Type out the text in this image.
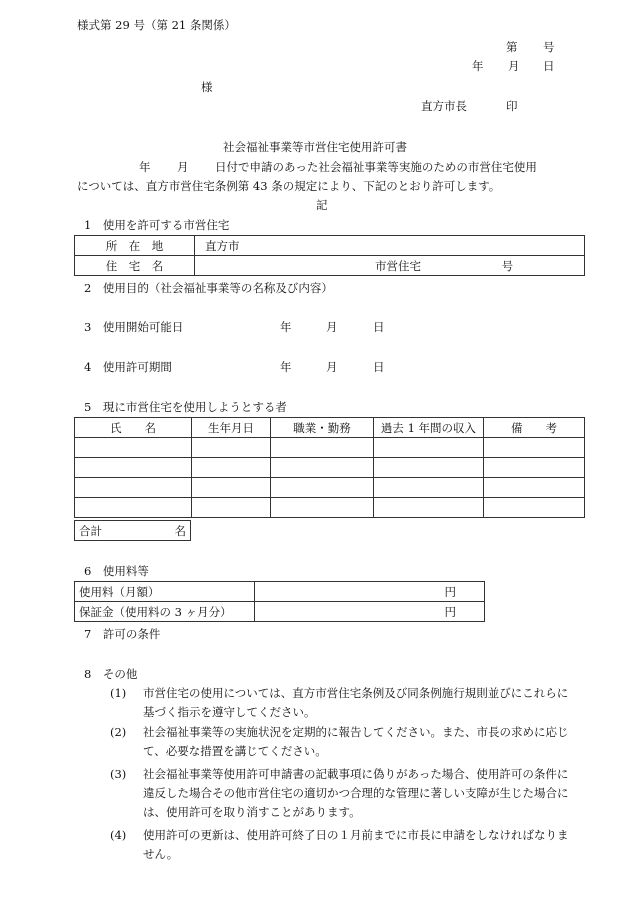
様式第 29 号（第 21 条関係）
第 号
年 月 日
様
直方市長	印
社会福祉事業等市営住宅使用許可書
年 月 日付で申請のあった社会福祉事業等実施のための市営住宅使用
については、直方市営住宅条例第 43 条の規定により、下記のとおり許可します。
記
1　使用を許可する市営住宅
所　在　地	直方市
住　宅　名	市営住宅 号
2　使用目的（社会福祉事業等の名称及び内容）
3　使用開始可能日	年	月	日
4　使用許可期間	年	月	日
5　現に市営住宅を使用しようとする者
氏　　名	生年月日	職業・勤務	過去 1 年間の収入	備　　考

合計	名
6　使用料等
使用料（月額）	円
保証金（使用料の 3 ヶ月分）	円
7　許可の条件
8　その他
(1) 市営住宅の使用については、直方市営住宅条例及び同条例施行規則並びにこれらに基づく指示を遵守してください。
(2) 社会福祉事業等の実施状況を定期的に報告してください。また、市長の求めに応じて、必要な措置を講じてください。
(3) 社会福祉事業等使用許可申請書の記載事項に偽りがあった場合、使用許可の条件に違反した場合その他市営住宅の適切かつ合理的な管理に著しい支障が生じた場合には、使用許可を取り消すことがあります。
(4) 使用許可の更新は、使用許可終了日の１月前までに市長に申請をしなければなりません。
